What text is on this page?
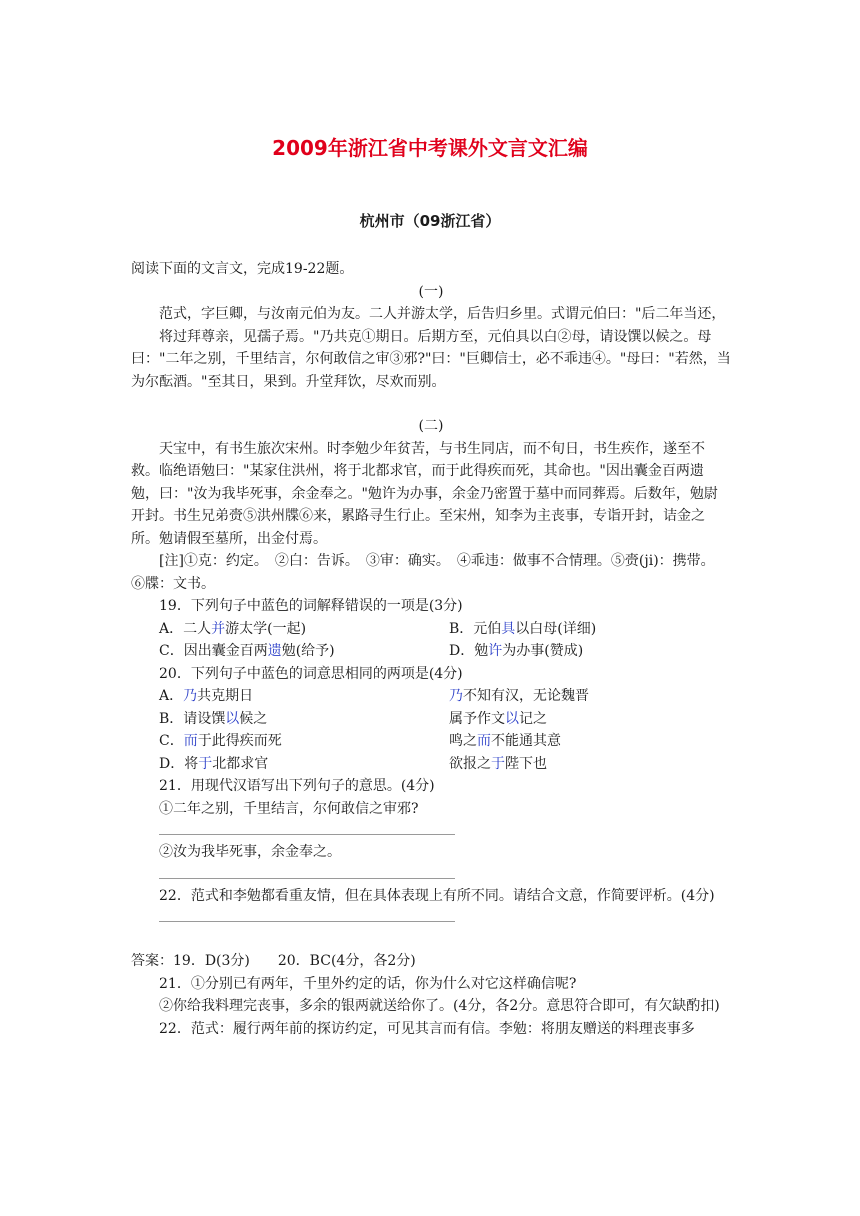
2009年浙江省中考课外文言文汇编
杭州市（09浙江省）

阅读下面的文言文，完成19-22题。

(一)

范式，字巨卿，与汝南元伯为友。二人并游太学，后告归乡里。式谓元伯曰："后二年当还，

将过拜尊亲，见孺子焉。"乃共克①期日。后期方至，元伯具以白②母，请设馔以候之。母曰："二年之别，千里结言，尔何敢信之审③邪?"曰："巨卿信士，必不乖违④。"母曰："若然，当为尔酝酒。"至其日，果到。升堂拜饮，尽欢而别。

(二)

天宝中，有书生旅次宋州。时李勉少年贫苦，与书生同店，而不旬日，书生疾作，遂至不救。临绝语勉曰："某家住洪州，将于北都求官，而于此得疾而死，其命也。"因出囊金百两遗勉，曰："汝为我毕死事，余金奉之。"勉许为办事，余金乃密置于墓中而同葬焉。后数年，勉尉开封。书生兄弟赍⑤洪州牒⑥来，累路寻生行止。至宋州，知李为主丧事，专诣开封，诘金之所。勉请假至墓所，出金付焉。

[注]①克：约定。　②白：告诉。　③审：确实。　④乖违：做事不合情理。⑤赍(ji)：携带。　⑥牒：文书。

19．下列句子中蓝色的词解释错误的一项是(3分)

A．二人并游太学(一起)	B．元伯具以白母(详细)
C．因出囊金百两遗勉(给予)	D．勉许为办事(赞成)

20．下列句子中蓝色的词意思相同的两项是(4分)

A．乃共克期日	乃不知有汉，无论魏晋
B．请设馔以候之	属予作文以记之
C．而于此得疾而死	鸣之而不能通其意
D．将于北都求官	欲报之于陛下也

21．用现代汉语写出下列句子的意思。(4分)

①二年之别，千里结言，尔何敢信之审邪?

②汝为我毕死事，余金奉之。

22．范式和李勉都看重友情，但在具体表现上有所不同。请结合文意，作简要评析。(4分)

答案：19．D(3分)　　20．BC(4分，各2分)

21．①分别已有两年，千里外约定的话，你为什么对它这样确信呢?

②你给我料理完丧事，多余的银两就送给你了。(4分，各2分。意思符合即可，有欠缺酌扣)

22．范式：履行两年前的探访约定，可见其言而有信。李勉：将朋友赠送的料理丧事多
